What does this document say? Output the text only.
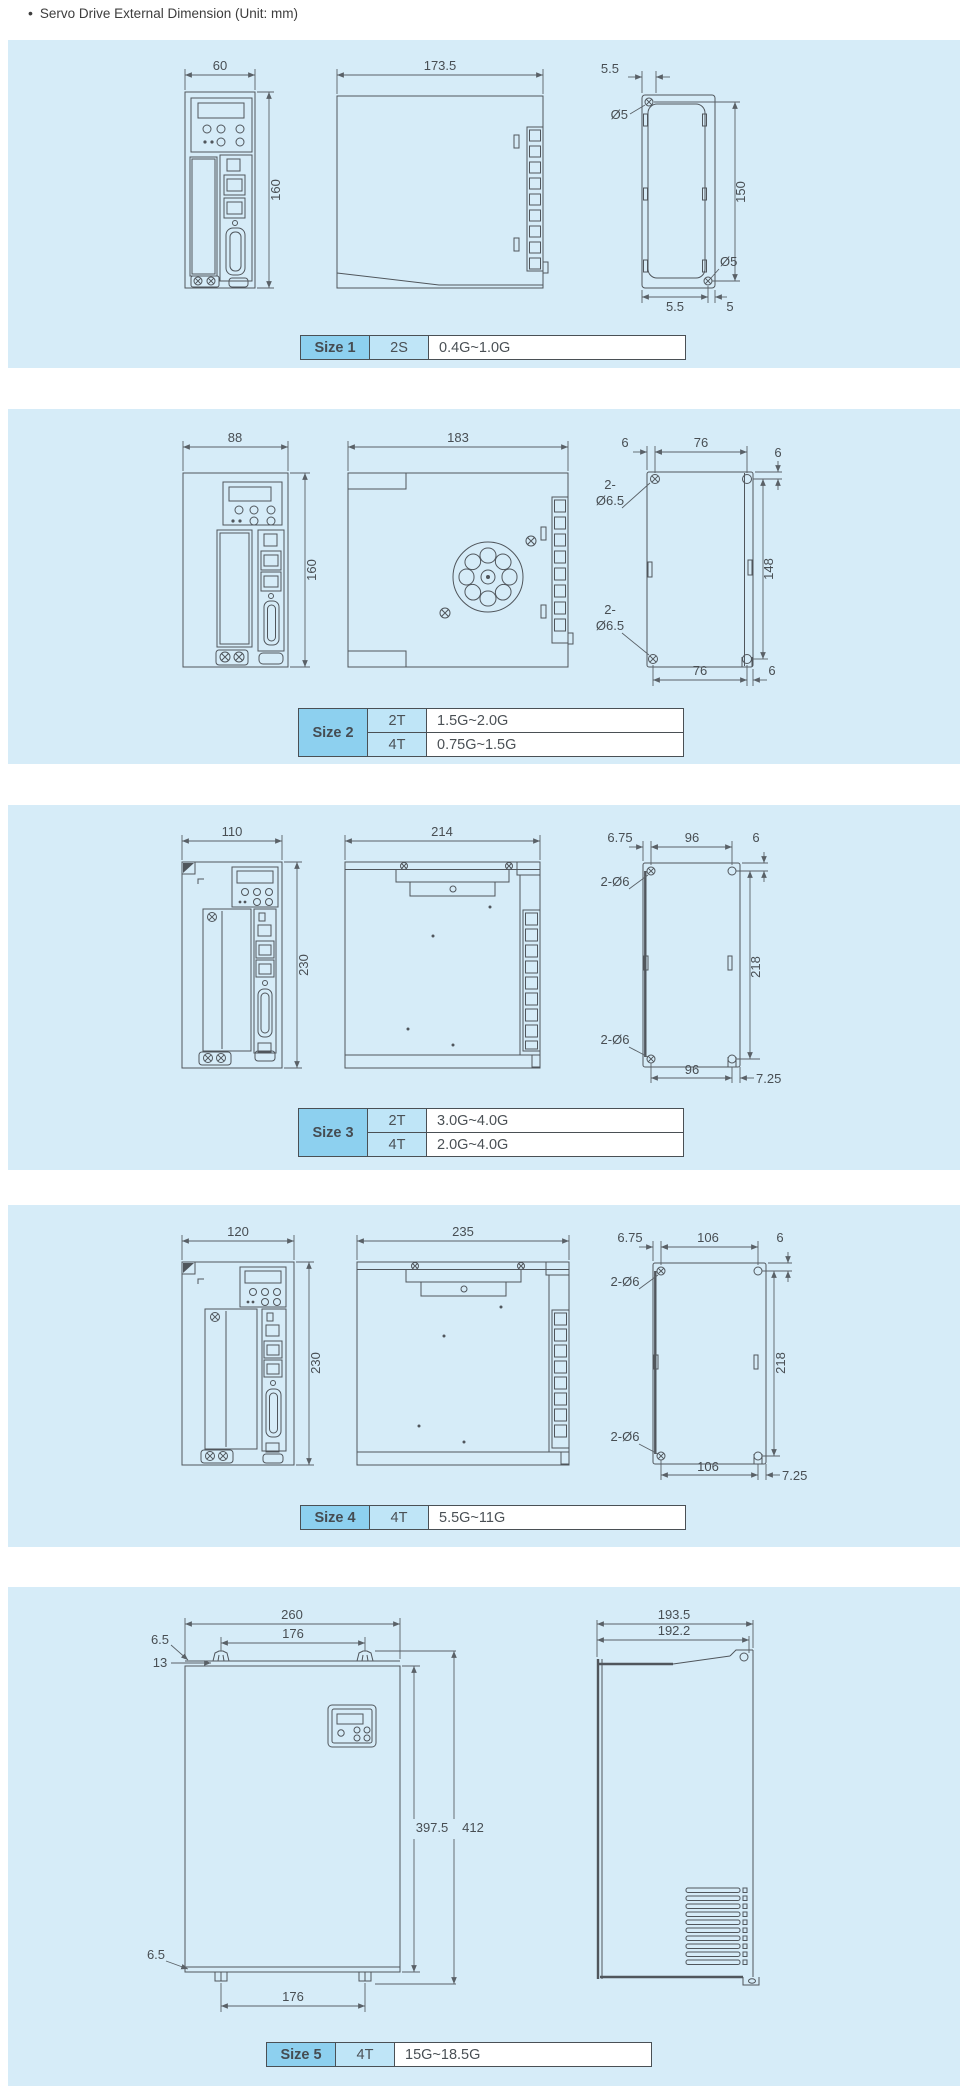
• Servo Drive External Dimension (Unit: mm)
60
160
173.5	5.5
Ø5
150
Ø5
5.5	5
Size 1	2S	0.4G~1.0G
88
160
183	6	76
6
2-
Ø6.5
2-
Ø6.5
148
76	6
Size 2	2T	1.5G~2.0G
	4T	0.75G~1.5G
110
230
214	6.75	96	6
2-Ø6
2-Ø6
218
96
7.25
Size 3	2T	3.0G~4.0G
	4T	2.0G~4.0G
120
230
235	6.75	106	6
2-Ø6
2-Ø6
218
106
7.25
Size 4	4T	5.5G~11G
260
176
6.5
13
397.5 412
6.5
176
193.5
192.2
Size 5	4T	15G~18.5G
